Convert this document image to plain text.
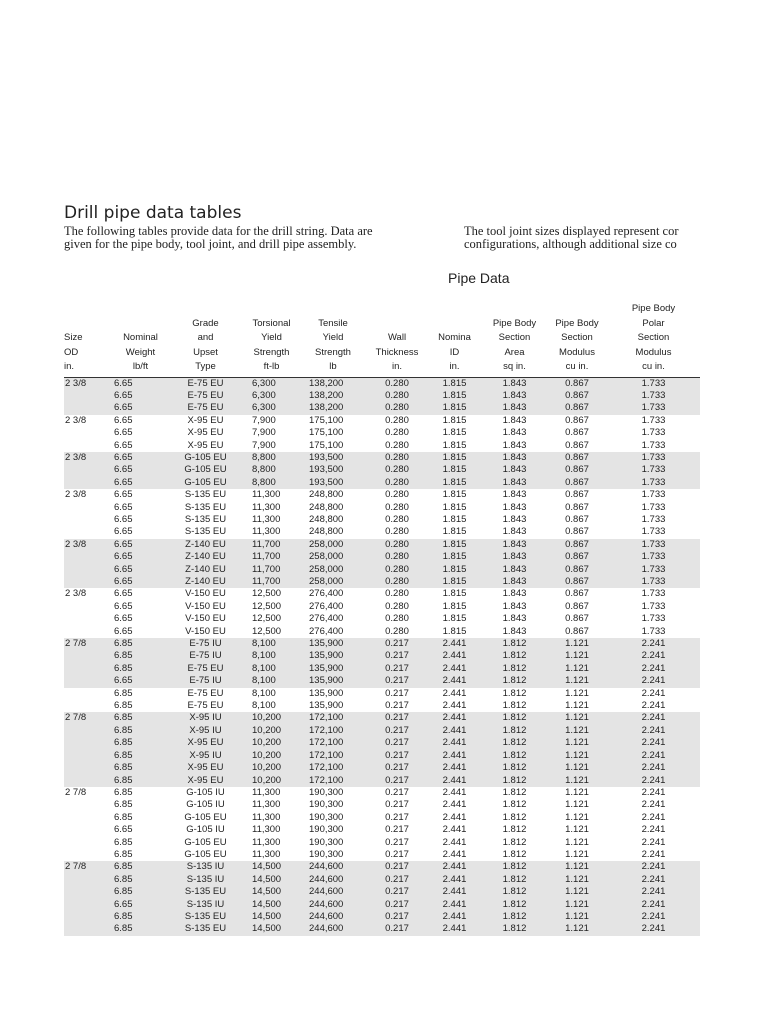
Drill pipe data tables
The following tables provide data for the drill string. Data are
given for the pipe body, tool joint, and drill pipe assembly.
The tool joint sizes displayed represent cor
configurations, although additional size co
Pipe Data
Size
OD
in.	Nominal
Weight
lb/ft	Grade
and
Upset
Type	Torsional
Yield
Strength
ft-lb	Tensile
Yield
Strength
lb	Wall
Thickness
in.	Nomina
ID
in.	Pipe Body
Section
Area
sq in.	Pipe Body
Section
Modulus
cu in.	Pipe Body
Polar
Section
Modulus
cu in.

2 3/8	6.65	E-75 EU	6,300	138,200	0.280	1.815	1.843	0.867	1.733
	6.65	E-75 EU	6,300	138,200	0.280	1.815	1.843	0.867	1.733
	6.65	E-75 EU	6,300	138,200	0.280	1.815	1.843	0.867	1.733
2 3/8	6.65	X-95 EU	7,900	175,100	0.280	1.815	1.843	0.867	1.733
	6.65	X-95 EU	7,900	175,100	0.280	1.815	1.843	0.867	1.733
	6.65	X-95 EU	7,900	175,100	0.280	1.815	1.843	0.867	1.733
2 3/8	6.65	G-105 EU	8,800	193,500	0.280	1.815	1.843	0.867	1.733
	6.65	G-105 EU	8,800	193,500	0.280	1.815	1.843	0.867	1.733
	6.65	G-105 EU	8,800	193,500	0.280	1.815	1.843	0.867	1.733
2 3/8	6.65	S-135 EU	11,300	248,800	0.280	1.815	1.843	0.867	1.733
	6.65	S-135 EU	11,300	248,800	0.280	1.815	1.843	0.867	1.733
	6.65	S-135 EU	11,300	248,800	0.280	1.815	1.843	0.867	1.733
	6.65	S-135 EU	11,300	248,800	0.280	1.815	1.843	0.867	1.733
2 3/8	6.65	Z-140 EU	11,700	258,000	0.280	1.815	1.843	0.867	1.733
	6.65	Z-140 EU	11,700	258,000	0.280	1.815	1.843	0.867	1.733
	6.65	Z-140 EU	11,700	258,000	0.280	1.815	1.843	0.867	1.733
	6.65	Z-140 EU	11,700	258,000	0.280	1.815	1.843	0.867	1.733
2 3/8	6.65	V-150 EU	12,500	276,400	0.280	1.815	1.843	0.867	1.733
	6.65	V-150 EU	12,500	276,400	0.280	1.815	1.843	0.867	1.733
	6.65	V-150 EU	12,500	276,400	0.280	1.815	1.843	0.867	1.733
	6.65	V-150 EU	12,500	276,400	0.280	1.815	1.843	0.867	1.733
2 7/8	6.85	E-75 IU	8,100	135,900	0.217	2.441	1.812	1.121	2.241
	6.85	E-75 IU	8,100	135,900	0.217	2.441	1.812	1.121	2.241
	6.85	E-75 EU	8,100	135,900	0.217	2.441	1.812	1.121	2.241
	6.65	E-75 IU	8,100	135,900	0.217	2.441	1.812	1.121	2.241
	6.85	E-75 EU	8,100	135,900	0.217	2.441	1.812	1.121	2.241
	6.85	E-75 EU	8,100	135,900	0.217	2.441	1.812	1.121	2.241
2 7/8	6.85	X-95 IU	10,200	172,100	0.217	2.441	1.812	1.121	2.241
	6.85	X-95 IU	10,200	172,100	0.217	2.441	1.812	1.121	2.241
	6.85	X-95 EU	10,200	172,100	0.217	2.441	1.812	1.121	2.241
	6.85	X-95 IU	10,200	172,100	0.217	2.441	1.812	1.121	2.241
	6.85	X-95 EU	10,200	172,100	0.217	2.441	1.812	1.121	2.241
	6.85	X-95 EU	10,200	172,100	0.217	2.441	1.812	1.121	2.241
2 7/8	6.85	G-105 IU	11,300	190,300	0.217	2.441	1.812	1.121	2.241
	6.85	G-105 IU	11,300	190,300	0.217	2.441	1.812	1.121	2.241
	6.85	G-105 EU	11,300	190,300	0.217	2.441	1.812	1.121	2.241
	6.65	G-105 IU	11,300	190,300	0.217	2.441	1.812	1.121	2.241
	6.85	G-105 EU	11,300	190,300	0.217	2.441	1.812	1.121	2.241
	6.85	G-105 EU	11,300	190,300	0.217	2.441	1.812	1.121	2.241
2 7/8	6.85	S-135 IU	14,500	244,600	0.217	2.441	1.812	1.121	2.241
	6.85	S-135 IU	14,500	244,600	0.217	2.441	1.812	1.121	2.241
	6.85	S-135 EU	14,500	244,600	0.217	2.441	1.812	1.121	2.241
	6.65	S-135 IU	14,500	244,600	0.217	2.441	1.812	1.121	2.241
	6.85	S-135 EU	14,500	244,600	0.217	2.441	1.812	1.121	2.241
	6.85	S-135 EU	14,500	244,600	0.217	2.441	1.812	1.121	2.241
